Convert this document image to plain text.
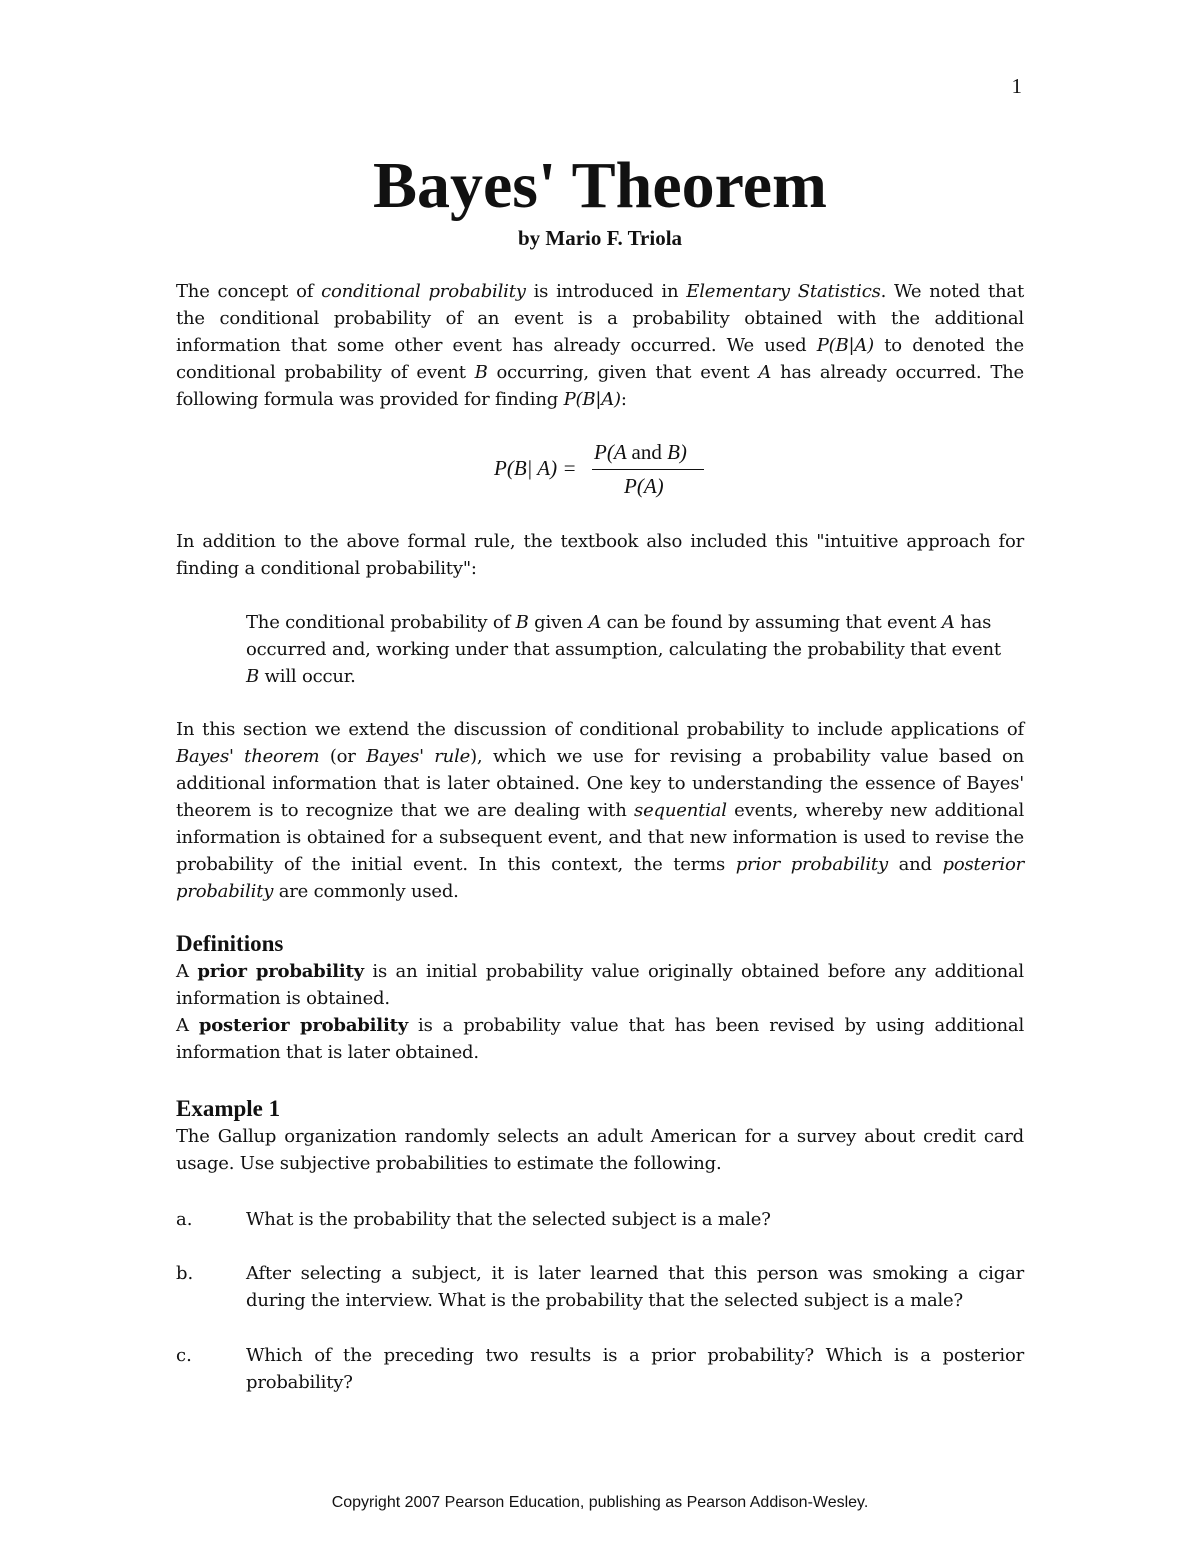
1
Bayes' Theorem
by Mario F. Triola

The concept of conditional probability is introduced in Elementary Statistics. We noted that the conditional probability of an event is a probability obtained with the additional information that some other event has already occurred. We used P(B|A) to denoted the conditional probability of event B occurring, given that event A has already occurred. The following formula was provided for finding P(B|A):

P(B| A) =
P(A and B)
P(A)

In addition to the above formal rule, the textbook also included this "intuitive approach for finding a conditional probability":

The conditional probability of B given A can be found by assuming that event A has occurred and, working under that assumption, calculating the probability that event B will occur.

In this section we extend the discussion of conditional probability to include applications of Bayes' theorem (or Bayes' rule), which we use for revising a probability value based on additional information that is later obtained. One key to understanding the essence of Bayes' theorem is to recognize that we are dealing with sequential events, whereby new additional information is obtained for a subsequent event, and that new information is used to revise the probability of the initial event. In this context, the terms prior probability and posterior probability are commonly used.

Definitions

A prior probability is an initial probability value originally obtained before any additional information is obtained.

A posterior probability is a probability value that has been revised by using additional information that is later obtained.

Example 1

The Gallup organization randomly selects an adult American for a survey about credit card usage. Use subjective probabilities to estimate the following.

a.	What is the probability that the selected subject is a male?

b.	After selecting a subject, it is later learned that this person was smoking a cigar during the interview. What is the probability that the selected subject is a male?

c.	Which of the preceding two results is a prior probability? Which is a posterior probability?

Copyright 2007 Pearson Education, publishing as Pearson Addison-Wesley.
